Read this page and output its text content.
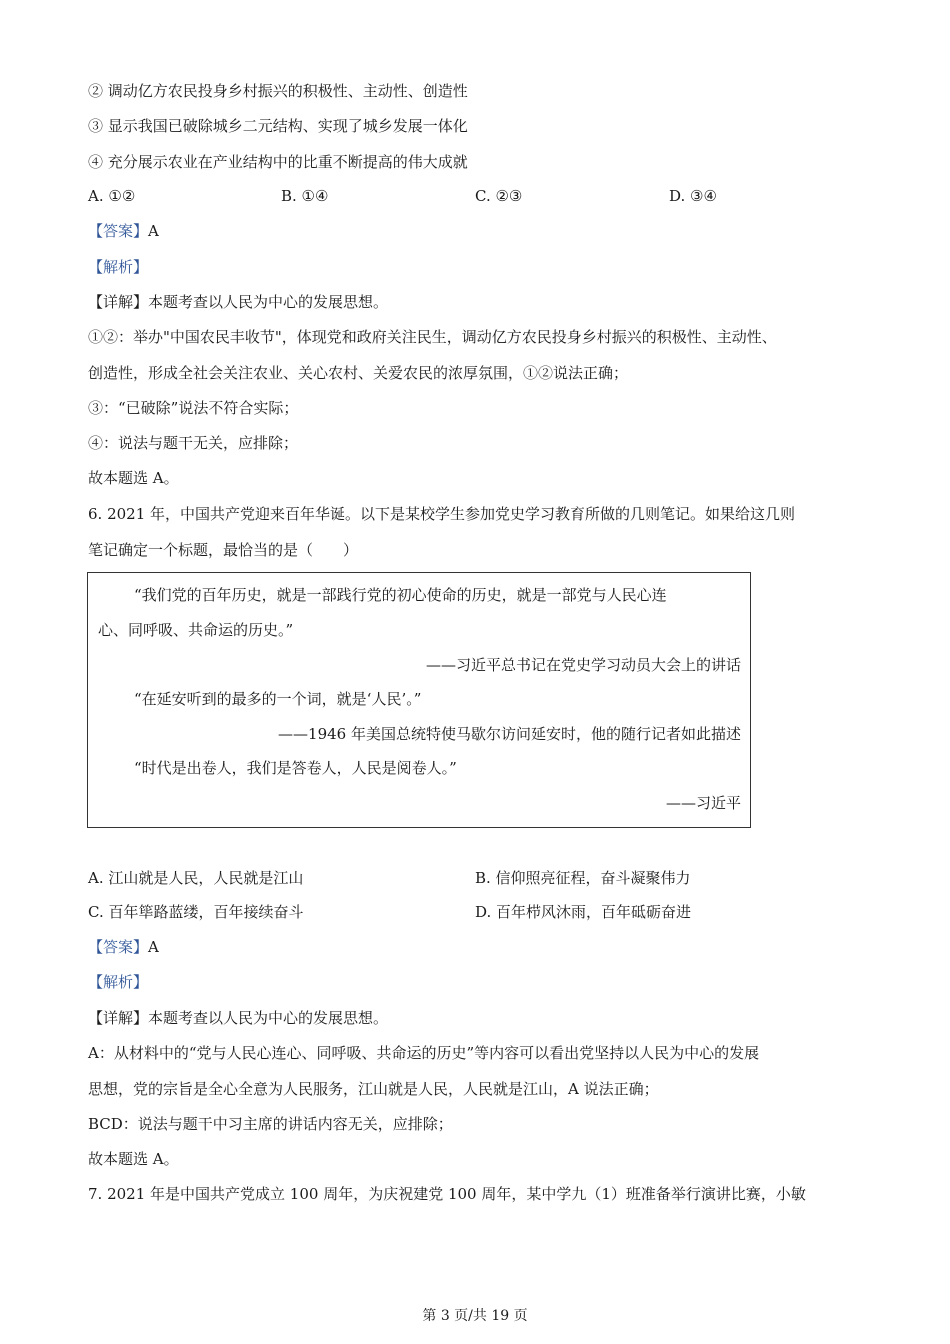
② 调动亿方农民投身乡村振兴的积极性、主动性、创造性
③ 显示我国已破除城乡二元结构、实现了城乡发展一体化
④ 充分展示农业在产业结构中的比重不断提高的伟大成就
A. ①②	B. ①④	C. ②③	D. ③④
【答案】A
【解析】
【详解】本题考查以人民为中心的发展思想。
①②：举办"中国农民丰收节"，体现党和政府关注民生，调动亿方农民投身乡村振兴的积极性、主动性、
创造性，形成全社会关注农业、关心农村、关爱农民的浓厚氛围，①②说法正确；
③：“已破除”说法不符合实际；
④：说法与题干无关，应排除；
故本题选 A。
6. 2021 年，中国共产党迎来百年华诞。以下是某校学生参加党史学习教育所做的几则笔记。如果给这几则
笔记确定一个标题，最恰当的是（　　）
“我们党的百年历史，就是一部践行党的初心使命的历史，就是一部党与人民心连
心、同呼吸、共命运的历史。”
——习近平总书记在党史学习动员大会上的讲话
“在延安听到的最多的一个词，就是‘人民’。”
——1946 年美国总统特使马歇尔访问延安时，他的随行记者如此描述
“时代是出卷人，我们是答卷人，人民是阅卷人。”
——习近平
A. 江山就是人民，人民就是江山	B. 信仰照亮征程，奋斗凝聚伟力
C. 百年筚路蓝缕，百年接续奋斗	D. 百年栉风沐雨，百年砥砺奋进
【答案】A
【解析】
【详解】本题考查以人民为中心的发展思想。
A：从材料中的“党与人民心连心、同呼吸、共命运的历史”等内容可以看出党坚持以人民为中心的发展
思想，党的宗旨是全心全意为人民服务，江山就是人民，人民就是江山，A 说法正确；
BCD：说法与题干中习主席的讲话内容无关，应排除；
故本题选 A。
7. 2021 年是中国共产党成立 100 周年，为庆祝建党 100 周年，某中学九（1）班准备举行演讲比赛，小敏
第 3 页/共 19 页
